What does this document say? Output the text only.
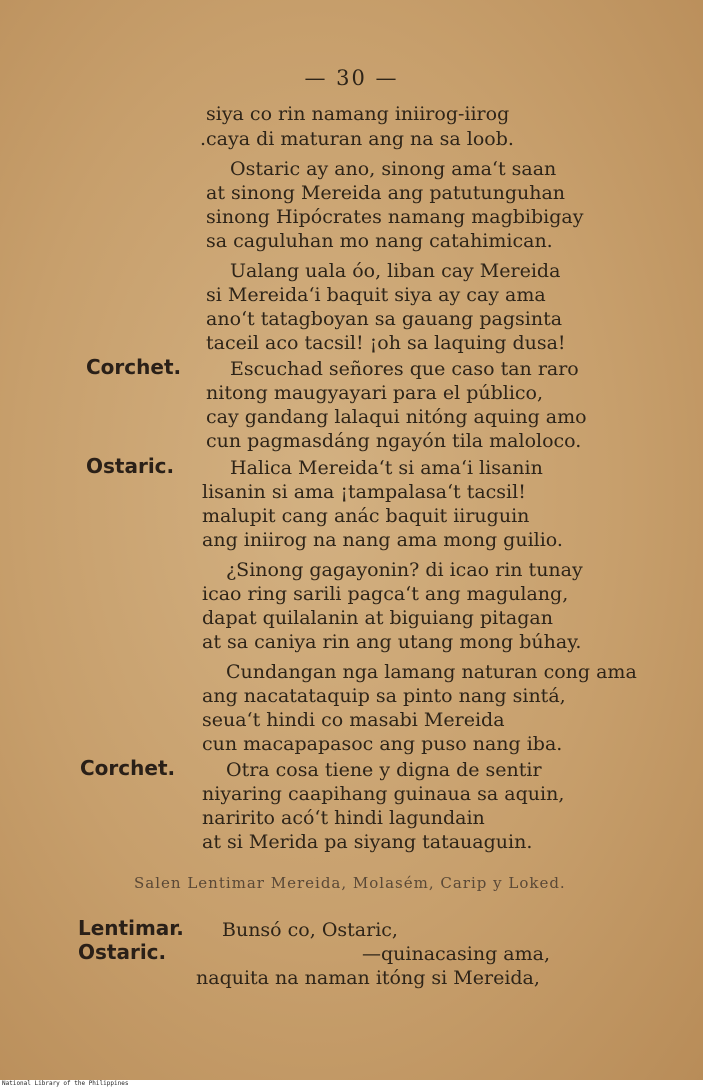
— 30 —
siya co rin namang iniirog-iirog
.caya di maturan ang na sa loob.
Ostaric ay ano, sinong ama‘t saan
at sinong Mereida ang patutunguhan
sinong Hipócrates namang magbibigay
sa caguluhan mo nang catahimican.
Ualang uala óo, liban cay Mereida
si Mereida‘i baquit siya ay cay ama
ano‘t tatagboyan sa gauang pagsinta
taceil aco tacsil! ¡oh sa laquing dusa!
Corchet.	Escuchad señores que caso tan raro
nitong maugyayari para el público,
cay gandang lalaqui nitóng aquing amo
cun pagmasdáng ngayón tila maloloco.
Ostaric.	Halica Mereida‘t si ama‘i lisanin
lisanin si ama ¡tampalasa‘t tacsil!
malupit cang anác baquit iiruguin
ang iniirog na nang ama mong guilio.
¿Sinong gagayonin? di icao rin tunay
icao ring sarili pagca‘t ang magulang,
dapat quilalanin at biguiang pitagan
at sa caniya rin ang utang mong búhay.
Cundangan nga lamang naturan cong ama
ang nacatataquip sa pinto nang sintá,
seua‘t hindi co masabi Mereida
cun macapapasoc ang puso nang iba.
Corchet.	Otra cosa tiene y digna de sentir
niyaring caapihang guinaua sa aquin,
naririto acó‘t hindi lagundain
at si Merida pa siyang tatauaguin.
Salen Lentimar Mereida, Molasém, Carip y Loked.
Lentimar. Bunsó co, Ostaric,
Ostaric.	—quinacasing ama,
naquita na naman itóng si Mereida,
National Library of the Philippines
